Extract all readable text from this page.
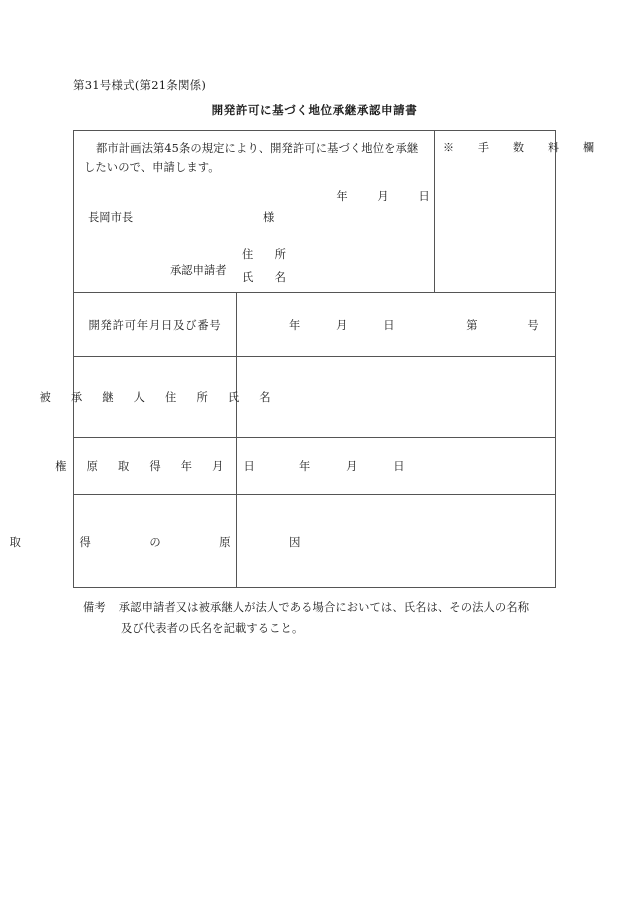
第31号様式(第21条関係)
開発許可に基づく地位承継承認申請書
都市計画法第45条の規定により、開発許可に基づく地位を承継したいので、申請します。
年	月	日
長岡市長	様
承認申請者
住　所
氏　名
※　手　数　料　欄
開発許可年月日及び番号	年	月	日	第	号
被　承　継　人　住　所　氏　名
権　原　取　得　年　月　日	年	月	日
取　　得　　の　　原　　因
備考 承認申請者又は被承継人が法人である場合においては、氏名は、その法人の名称
及び代表者の氏名を記載すること。
